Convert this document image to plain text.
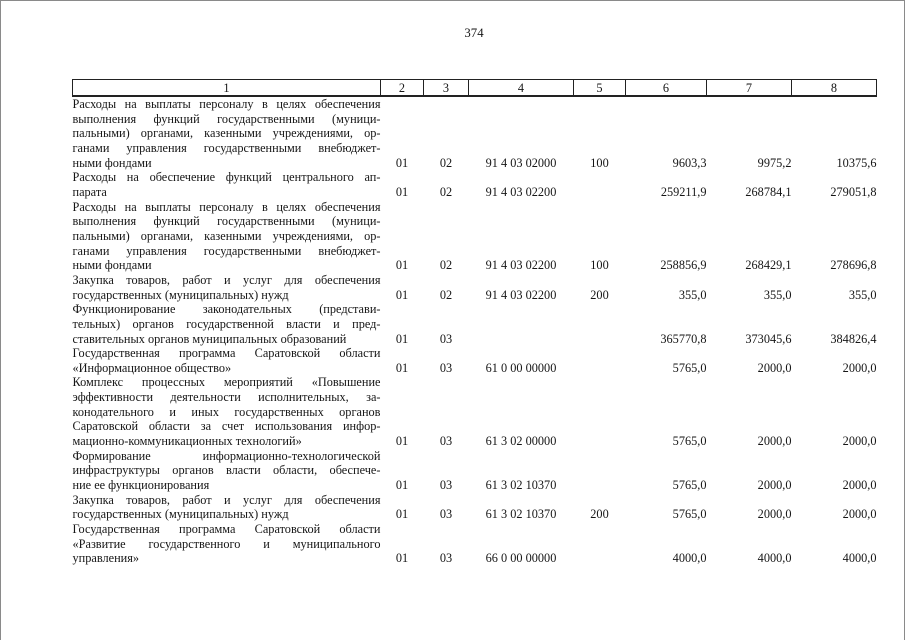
374
1	2	3	4	5	6	7	8

Расходы на выплаты персоналу в целях обеспечения
выполнения функций государственными (муници-
пальными) органами, казенными учреждениями, ор-
ганами управления государственными внебюджет-
ными фондами	01	02	91 4 03 02000	100	9603,3	9975,2	10375,6

Расходы на обеспечение функций центрального ап-
парата	01	02	91 4 03 02200		259211,9	268784,1	279051,8

Расходы на выплаты персоналу в целях обеспечения
выполнения функций государственными (муници-
пальными) органами, казенными учреждениями, ор-
ганами управления государственными внебюджет-
ными фондами	01	02	91 4 03 02200	100	258856,9	268429,1	278696,8

Закупка товаров, работ и услуг для обеспечения
государственных (муниципальных) нужд	01	02	91 4 03 02200	200	355,0	355,0	355,0

Функционирование законодательных (представи-
тельных) органов государственной власти и пред-
ставительных органов муниципальных образований	01	03			365770,8	373045,6	384826,4

Государственная программа Саратовской области
«Информационное общество»	01	03	61 0 00 00000		5765,0	2000,0	2000,0

Комплекс процессных мероприятий «Повышение
эффективности деятельности исполнительных, за-
конодательного и иных государственных органов
Саратовской области за счет использования инфор-
мационно-коммуникационных технологий»	01	03	61 3 02 00000		5765,0	2000,0	2000,0

Формирование информационно-технологической
инфраструктуры органов власти области, обеспече-
ние ее функционирования	01	03	61 3 02 10370		5765,0	2000,0	2000,0

Закупка товаров, работ и услуг для обеспечения
государственных (муниципальных) нужд	01	03	61 3 02 10370	200	5765,0	2000,0	2000,0

Государственная программа Саратовской области
«Развитие государственного и муниципального
управления»	01	03	66 0 00 00000		4000,0	4000,0	4000,0
